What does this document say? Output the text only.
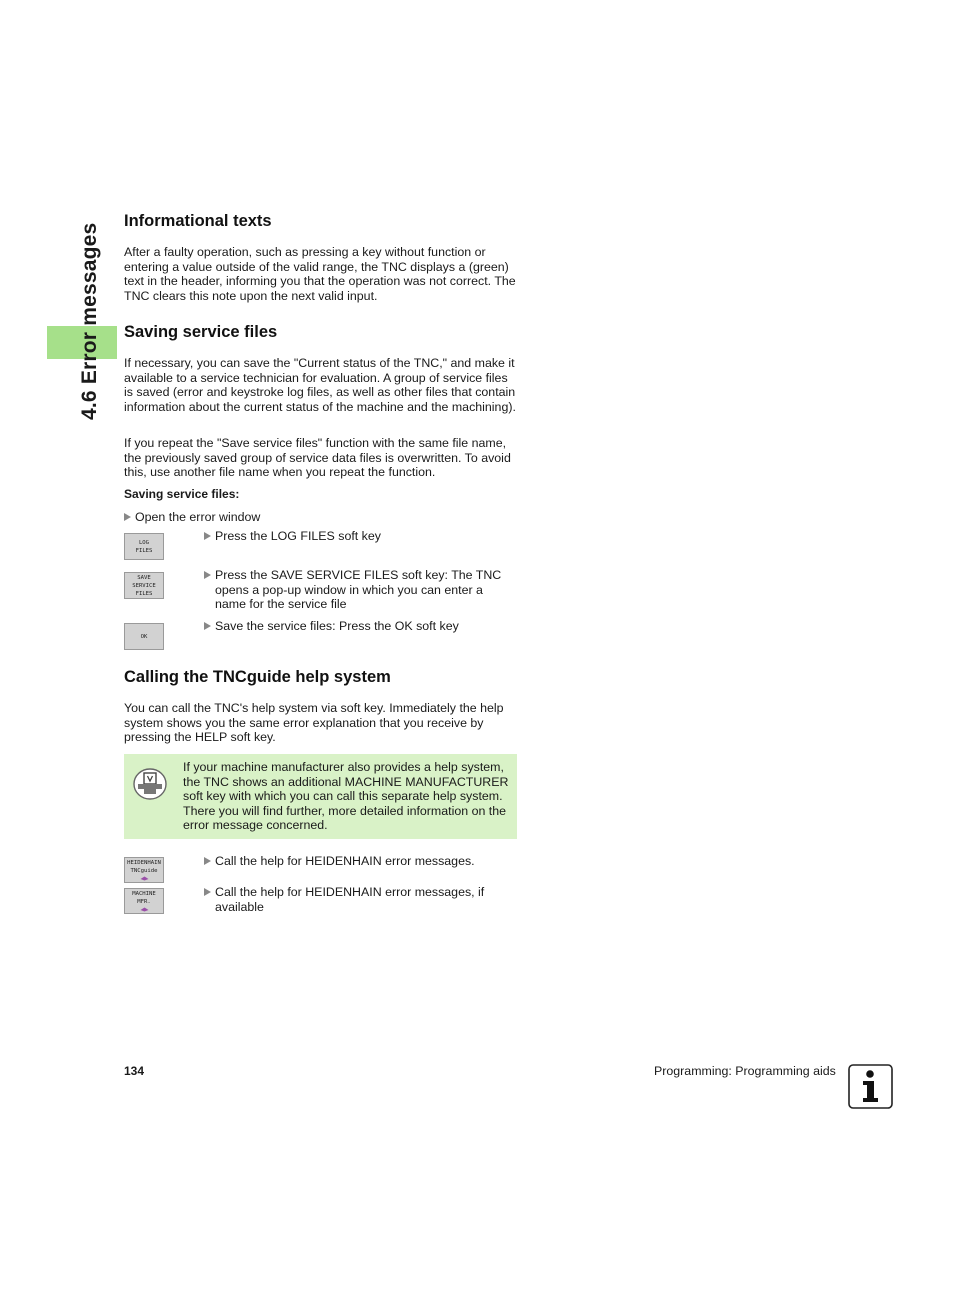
4.6 Error messages
Informational texts

After a faulty operation, such as pressing a key without function or entering a value outside of the valid range, the TNC displays a (green) text in the header, informing you that the operation was not correct. The TNC clears this note upon the next valid input.

Saving service files

If necessary, you can save the "Current status of the TNC," and make it available to a service technician for evaluation. A group of service files is saved (error and keystroke log files, as well as other files that contain information about the current status of the machine and the machining).

If you repeat the "Save service files" function with the same file name, the previously saved group of service data files is overwritten. To avoid this, use another file name when you repeat the function.

Saving service files:
Open the error window
LOG
FILES
Press the LOG FILES soft key
SAVE
SERVICE
FILES
Press the SAVE SERVICE FILES soft key: The TNC
opens a pop-up window in which you can enter a
name for the service file
OK
Save the service files: Press the OK soft key
Calling the TNCguide help system

You can call the TNC's help system via soft key. Immediately the help system shows you the same error explanation that you receive by pressing the HELP soft key.

If your machine manufacturer also provides a help system, the TNC shows an additional MACHINE MANUFACTURER soft key with which you can call this separate help system. There you will find further, more detailed information on the error message concerned.

HEIDENHAIN
TNCguide
Call the help for HEIDENHAIN error messages.
MACHINE
MFR.
Call the help for HEIDENHAIN error messages, if
available
134	Programming: Programming aids
